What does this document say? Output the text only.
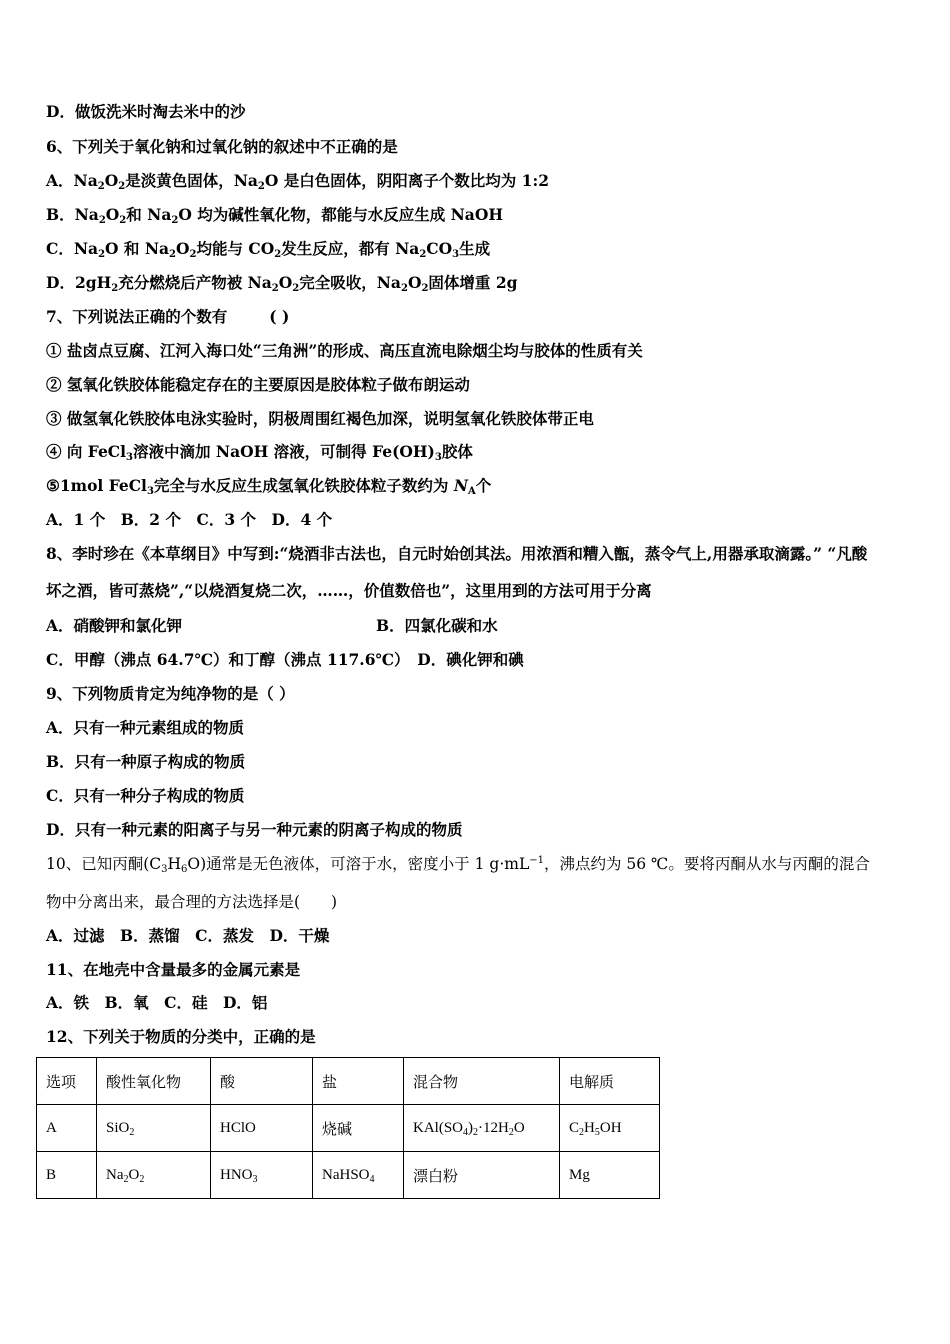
D．做饭洗米时淘去米中的沙
6、下列关于氧化钠和过氧化钠的叙述中不正确的是
A．$Na_2O_2$是淡黄色固体，$Na_2O$ 是白色固体，阴阳离子个数比均为 1:2
B．$Na_2O_2$和 $Na_2O$ 均为碱性氧化物，都能与水反应生成 NaOH
C．$Na_2O$ 和 $Na_2O_2$均能与 $CO_2$发生反应，都有 $Na_2CO_3$生成
D．$2gH_2$充分燃烧后产物被 $Na_2O_2$完全吸收，$Na_2O_2$固体增重 2g
7、下列说法正确的个数有	( )
① 盐卤点豆腐、江河入海口处“三角洲”的形成、高压直流电除烟尘均与胶体的性质有关
② 氢氧化铁胶体能稳定存在的主要原因是胶体粒子做布朗运动
③ 做氢氧化铁胶体电泳实验时，阴极周围红褐色加深，说明氢氧化铁胶体带正电
④ 向 FeCl$_3$溶液中滴加 NaOH 溶液，可制得 $Fe(OH)_3$胶体
⑤1mol FeCl$_3$完全与水反应生成氢氧化铁胶体粒子数约为 $N_A$个
A．1 个　B．2 个　C．3 个　D．4 个
8、李时珍在《本草纲目》中写到:“烧酒非古法也，自元时始创其法。用浓酒和糟入甑，蒸令气上,用器承取滴露。” “凡酸
坏之酒，皆可蒸烧”,“以烧酒复烧二次，……，价值数倍也”，这里用到的方法可用于分离
A．硝酸钾和氯化钾	B．四氯化碳和水
C．甲醇（沸点 64.7℃）和丁醇（沸点 117.6℃）　D．碘化钾和碘
9、下列物质肯定为纯净物的是（ ）
A．只有一种元素组成的物质
B．只有一种原子构成的物质
C．只有一种分子构成的物质
D．只有一种元素的阳离子与另一种元素的阴离子构成的物质
10、已知丙酮$(C_3H_6O)$通常是无色液体，可溶于水，密度小于 1 $g\cdot mL^{-1}$，沸点约为 56 ℃。要将丙酮从水与丙酮的混合
物中分离出来，最合理的方法选择是(　　)
A．过滤　B．蒸馏　C．蒸发　D．干燥
11、在地壳中含量最多的金属元素是
A．铁　B．氧　C．硅　D．铝
12、下列关于物质的分类中，正确的是
选项	酸性氧化物	酸	盐	混合物	电解质
A	SiO$_2$	HClO	烧碱	$KAl(SO_4)_2\cdot 12H_2O$	$C_2H_5OH$
B	$Na_2O_2$	$HNO_3$	NaHSO$_4$	漂白粉	Mg
